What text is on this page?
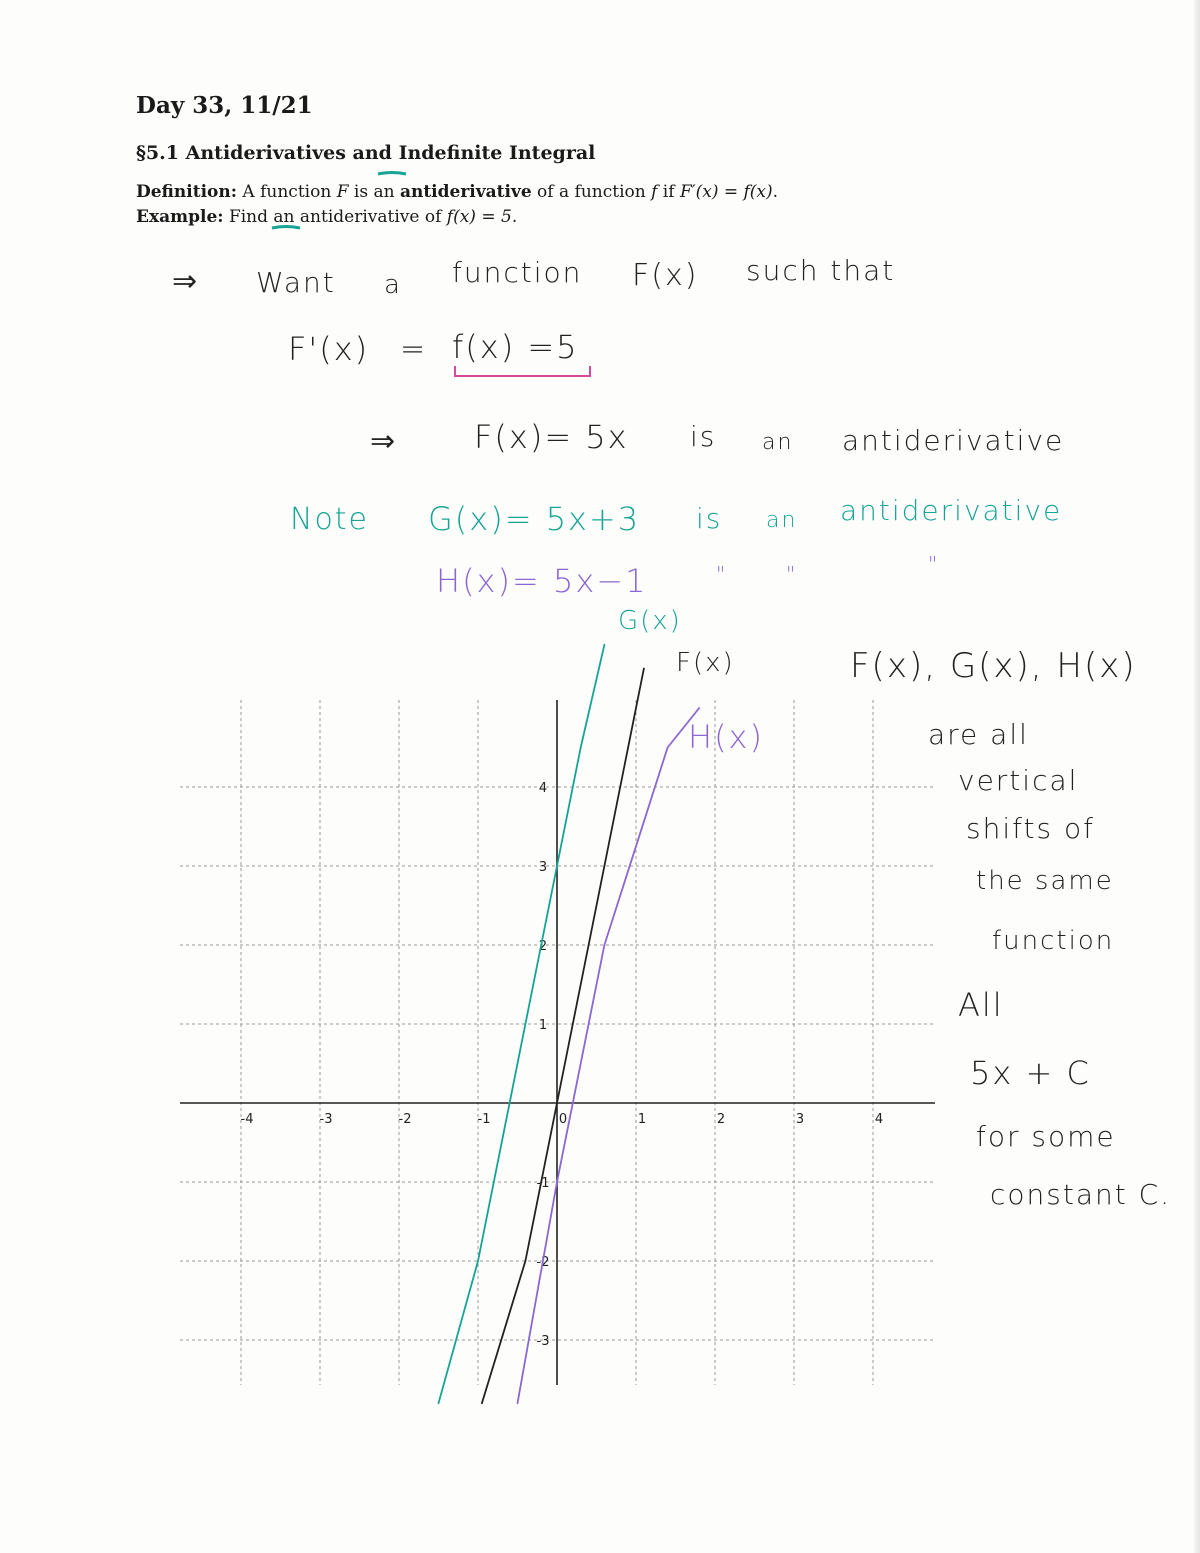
Day 33, 11/21
§5.1 Antiderivatives and Indefinite Integral
Definition: A function F is an antiderivative of a function f if F′(x) = f(x).
Example: Find an antiderivative of f(x) = 5.
⇒ Want a function F(x) such that
F'(x) = f(x) =5
⇒ F(x)= 5x is an antiderivative
Note G(x)= 5x+3 is an antiderivative
H(x)= 5x−1	"	"	"
G(x)
F(x)
H(x)
F(x), G(x), H(x)
are all
vertical
shifts of
the same
function
All
5x + C
for some
constant C.
-4	-3	-2	-1	0	1	2	3	4
4
3
2
1
-1
-2
-3
